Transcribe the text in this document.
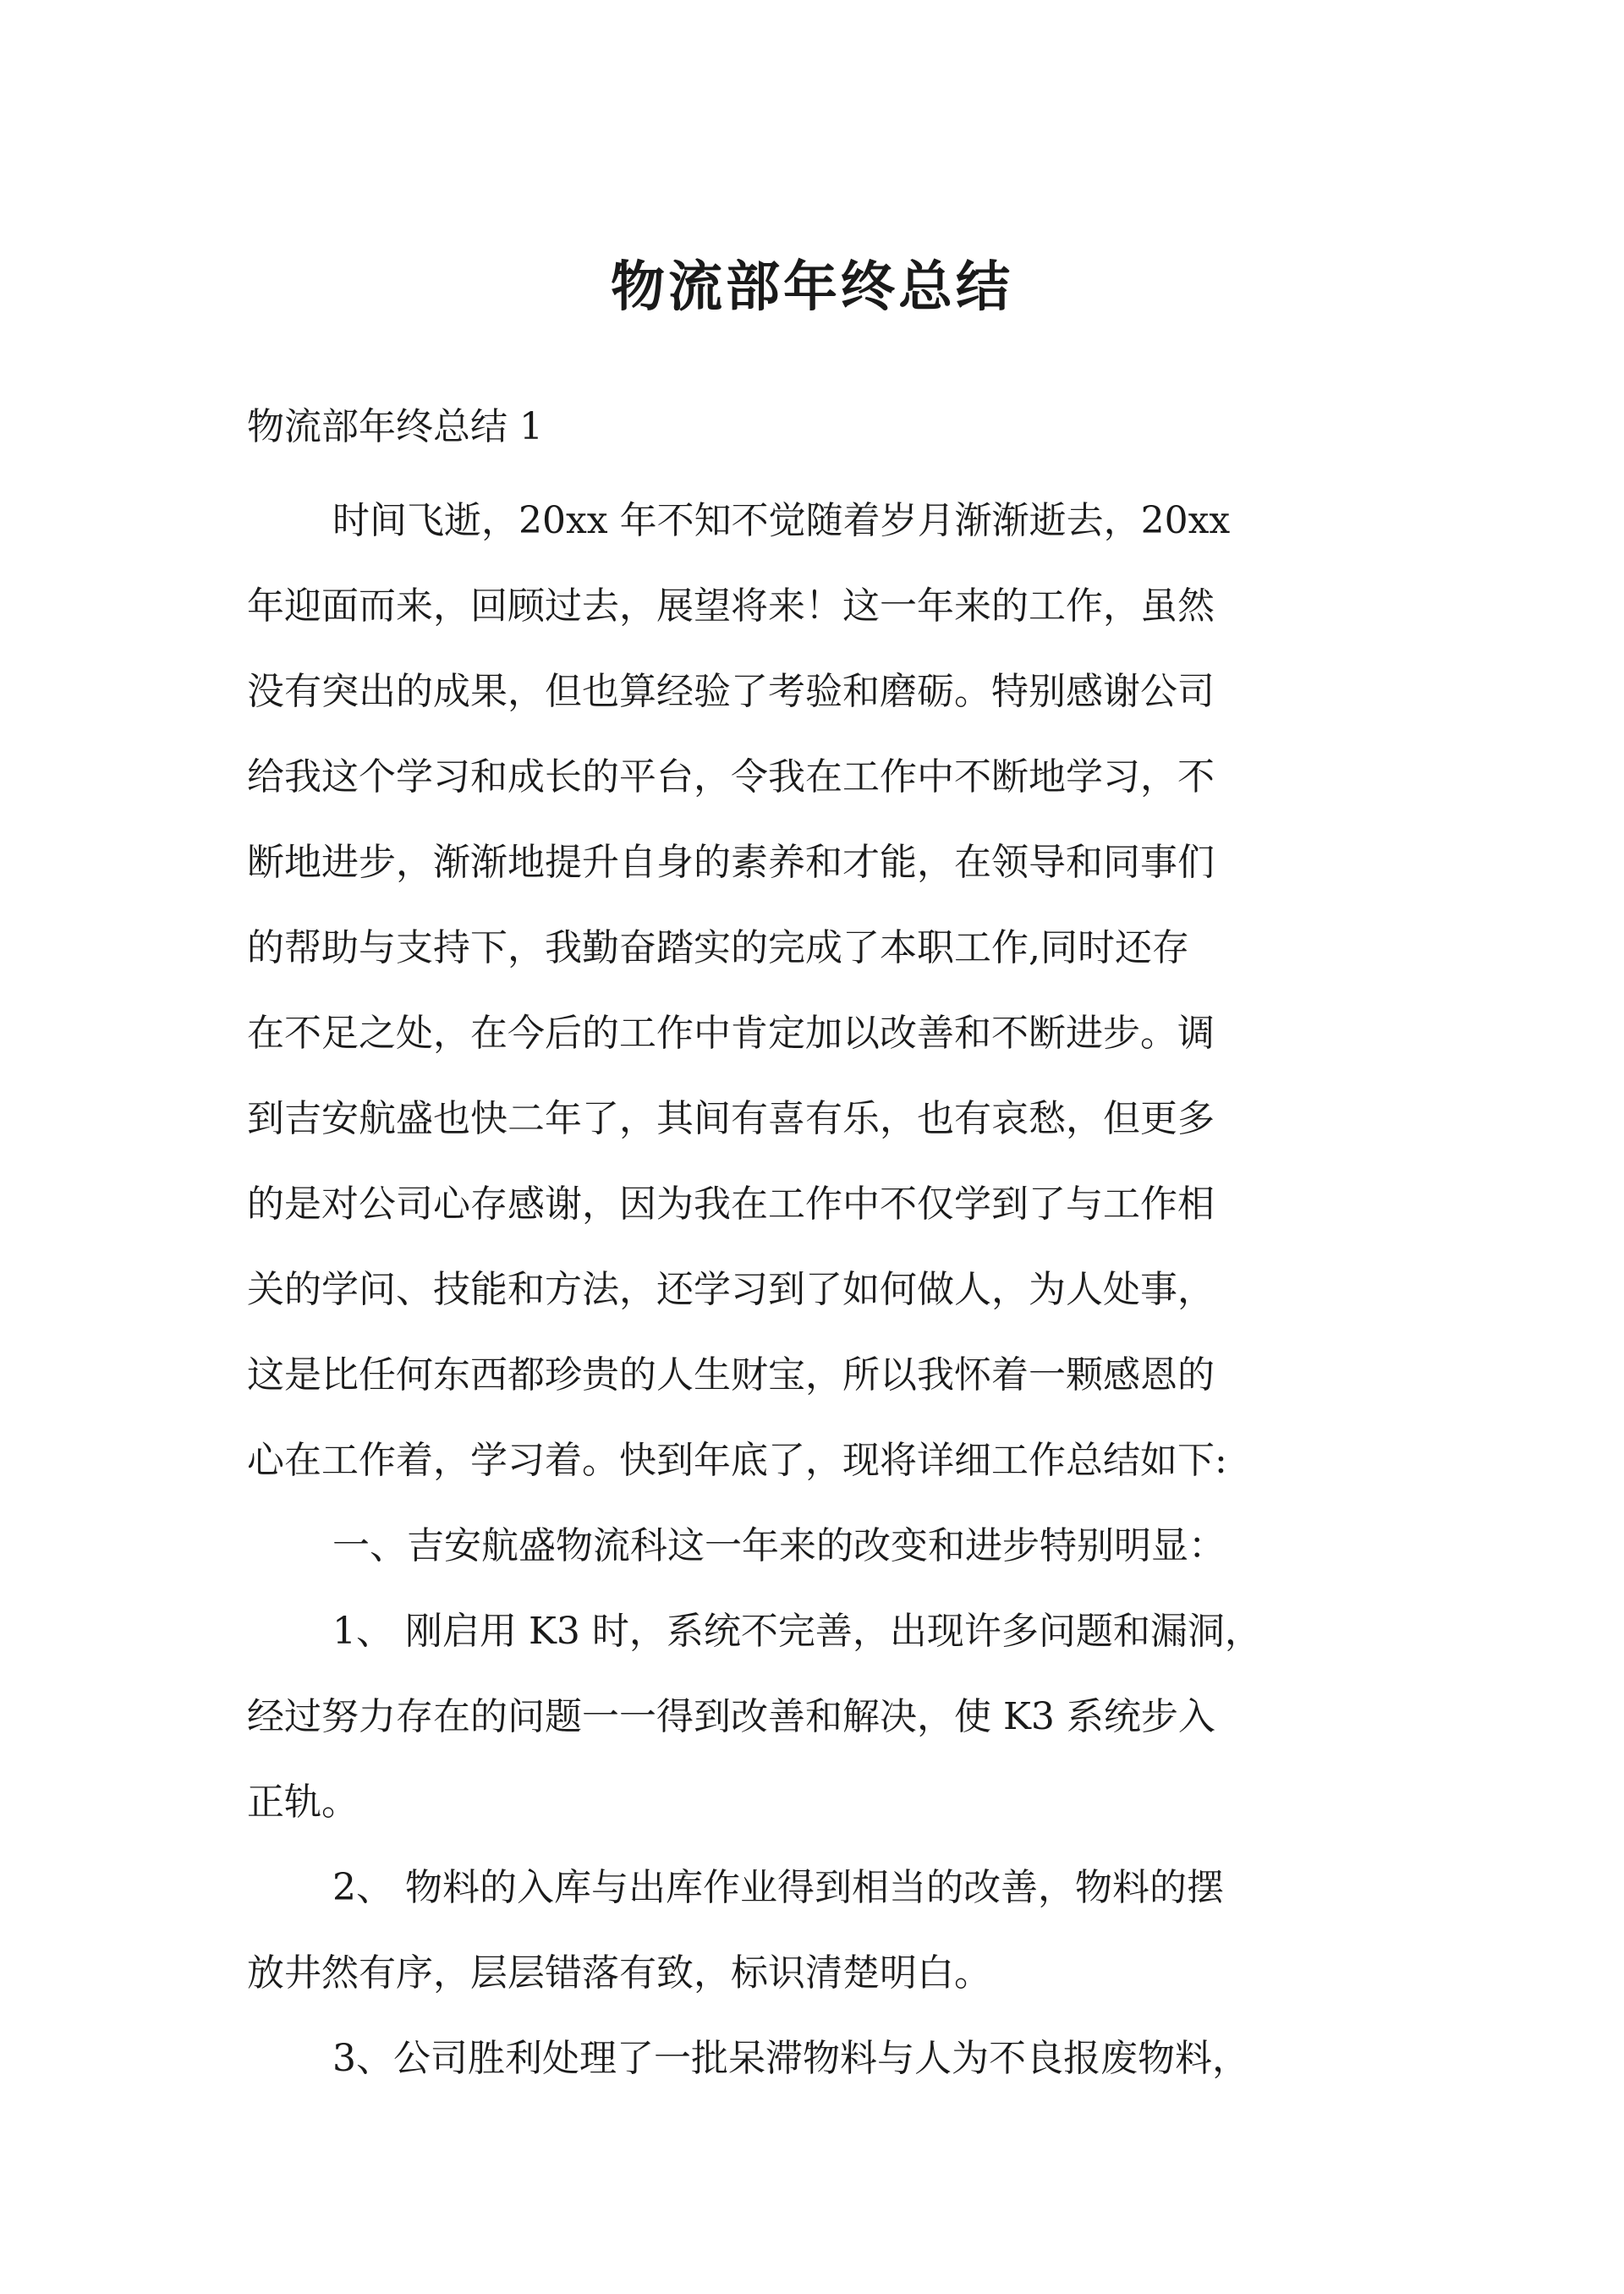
物流部年终总结
物流部年终总结 1
时间飞逝，20xx 年不知不觉随着岁月渐渐逝去，20xx
年迎面而来，回顾过去，展望将来！这一年来的工作，虽然
没有突出的成果，但也算经验了考验和磨砺。特别感谢公司
给我这个学习和成长的平台，令我在工作中不断地学习，不
断地进步，渐渐地提升自身的素养和才能，在领导和同事们
的帮助与支持下，我勤奋踏实的完成了本职工作,同时还存
在不足之处，在今后的工作中肯定加以改善和不断进步。调
到吉安航盛也快二年了，其间有喜有乐，也有哀愁，但更多
的是对公司心存感谢，因为我在工作中不仅学到了与工作相
关的学问、技能和方法，还学习到了如何做人，为人处事，
这是比任何东西都珍贵的人生财宝，所以我怀着一颗感恩的
心在工作着，学习着。快到年底了，现将详细工作总结如下:
一、吉安航盛物流科这一年来的改变和进步特别明显：
1、 刚启用 K3 时，系统不完善，出现许多问题和漏洞，
经过努力存在的问题一一得到改善和解决，使 K3 系统步入
正轨。
2、 物料的入库与出库作业得到相当的改善，物料的摆
放井然有序，层层错落有致，标识清楚明白。
3、公司胜利处理了一批呆滞物料与人为不良报废物料，
